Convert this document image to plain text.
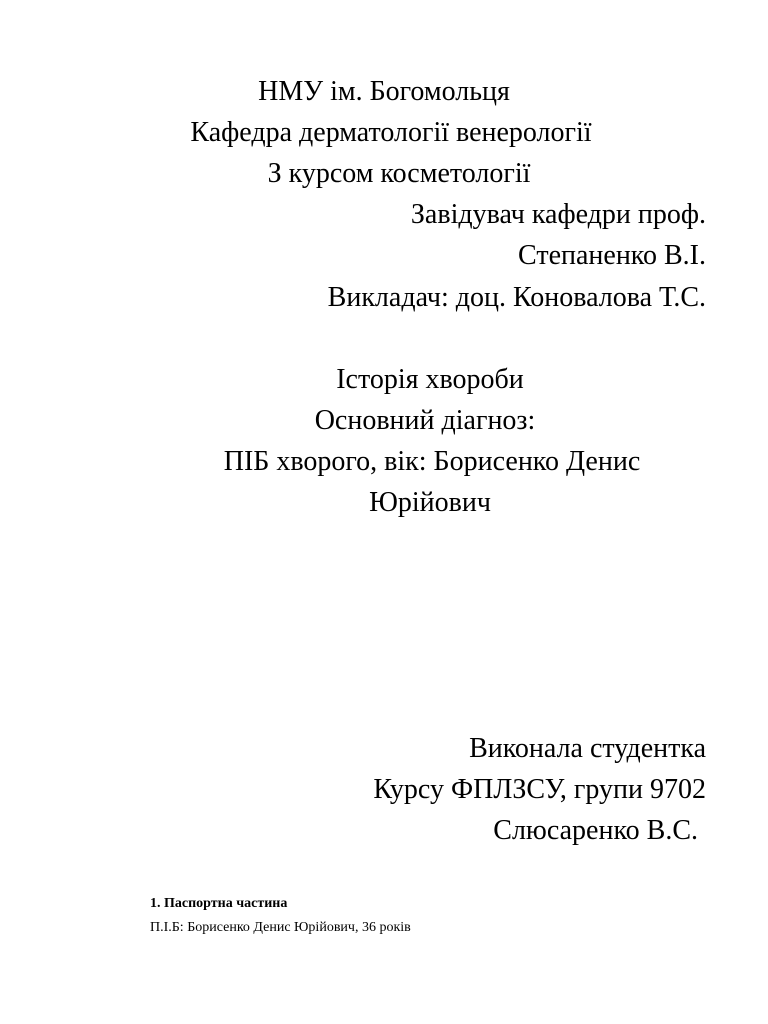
НМУ ім. Богомольця
Кафедра дерматології венерології
З курсом косметології
Завідувач кафедри проф.
Степаненко В.І.
Викладач: доц. Коновалова Т.С.
Історія хвороби
Основний діагноз:
ПІБ хворого, вік: Борисенко Денис
Юрійович
Виконала студентка
Курсу ФПЛЗСУ, групи 9702
Слюсаренко В.С.
1. Паспортна частина
П.І.Б: Борисенко Денис Юрійович, 36 років
